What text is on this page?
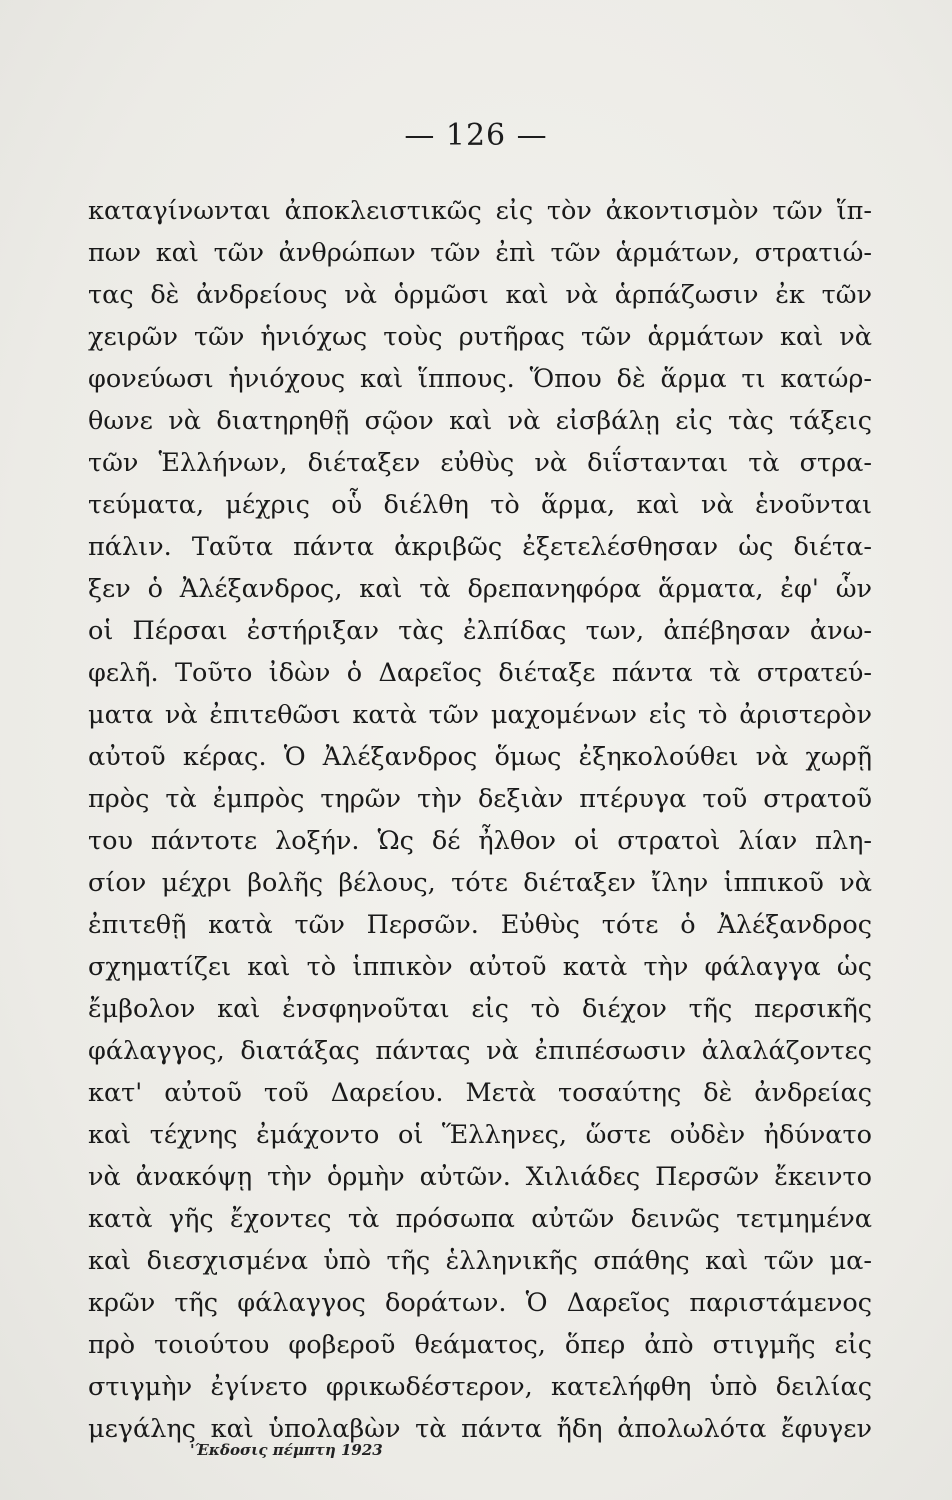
— 126 —
καταγίνωνται ἀποκλειστικῶς εἰς τὸν ἀκοντισμὸν τῶν ἵπ-
πων καὶ τῶν ἀνθρώπων τῶν ἐπὶ τῶν ἁρμάτων, στρατιώ-
τας δὲ ἀνδρείους νὰ ὁρμῶσι καὶ νὰ ἁρπάζωσιν ἐκ τῶν
χειρῶν τῶν ἡνιόχως τοὺς ρυτῆρας τῶν ἁρμάτων καὶ νὰ
φονεύωσι ἡνιόχους καὶ ἵππους. Ὅπου δὲ ἅρμα τι κατώρ-
θωνε νὰ διατηρηθῇ σῷον καὶ νὰ εἰσβάλῃ εἰς τὰς τάξεις
τῶν Ἑλλήνων, διέταξεν εὐθὺς νὰ διΐστανται τὰ στρα-
τεύματα, μέχρις οὗ διέλθη τὸ ἅρμα, καὶ νὰ ἑνοῦνται
πάλιν. Ταῦτα πάντα ἀκριβῶς ἐξετελέσθησαν ὡς διέτα-
ξεν ὁ Ἀλέξανδρος, καὶ τὰ δρεπανηφόρα ἅρματα, ἐφ' ὧν
οἱ Πέρσαι ἐστήριξαν τὰς ἐλπίδας των, ἀπέβησαν ἀνω-
φελῆ. Τοῦτο ἰδὼν ὁ Δαρεῖος διέταξε πάντα τὰ στρατεύ-
ματα νὰ ἐπιτεθῶσι κατὰ τῶν μαχομένων εἰς τὸ ἀριστερὸν
αὐτοῦ κέρας. Ὁ Ἀλέξανδρος ὅμως ἐξηκολούθει νὰ χωρῇ
πρὸς τὰ ἐμπρὸς τηρῶν τὴν δεξιὰν πτέρυγα τοῦ στρατοῦ
του πάντοτε λοξήν. Ὡς δέ ἦλθον οἱ στρατοὶ λίαν πλη-
σίον μέχρι βολῆς βέλους, τότε διέταξεν ἴλην ἱππικοῦ νὰ
ἐπιτεθῇ κατὰ τῶν Περσῶν. Εὐθὺς τότε ὁ Ἀλέξανδρος
σχηματίζει καὶ τὸ ἱππικὸν αὐτοῦ κατὰ τὴν φάλαγγα ὡς
ἔμβολον καὶ ἐνσφηνοῦται εἰς τὸ διέχον τῆς περσικῆς
φάλαγγος, διατάξας πάντας νὰ ἐπιπέσωσιν ἀλαλάζοντες
κατ' αὐτοῦ τοῦ Δαρείου. Μετὰ τοσαύτης δὲ ἀνδρείας
καὶ τέχνης ἐμάχοντο οἱ Ἕλληνες, ὥστε οὐδὲν ἠδύνατο
νὰ ἀνακόψῃ τὴν ὁρμὴν αὐτῶν. Χιλιάδες Περσῶν ἔκειντο
κατὰ γῆς ἔχοντες τὰ πρόσωπα αὐτῶν δεινῶς τετμημένα
καὶ διεσχισμένα ὑπὸ τῆς ἑλληνικῆς σπάθης καὶ τῶν μα-
κρῶν τῆς φάλαγγος δοράτων. Ὁ Δαρεῖος παριστάμενος
πρὸ τοιούτου φοβεροῦ θεάματος, ὅπερ ἀπὸ στιγμῆς εἰς
στιγμὴν ἐγίνετο φρικωδέστερον, κατελήφθη ὑπὸ δειλίας
μεγάλης καὶ ὑπολαβὼν τὰ πάντα ἤδη ἀπολωλότα ἔφυγεν
'Έκδοσις πέμπτη 1923
